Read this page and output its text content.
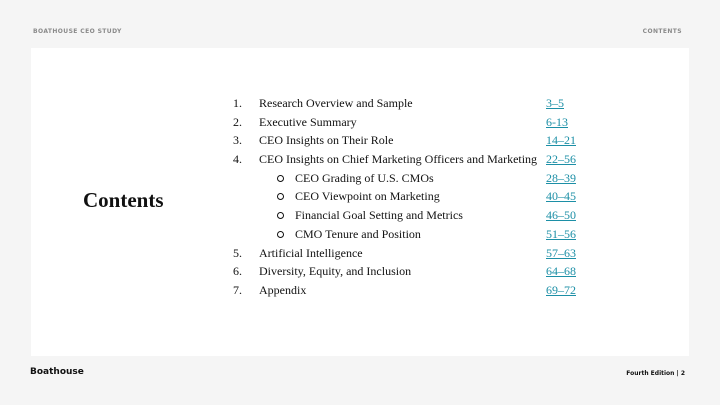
BOATHOUSE CEO STUDY	CONTENTS
Contents
1. Research Overview and Sample	3–5
2. Executive Summary	6-13
3. CEO Insights on Their Role	14–21
4. CEO Insights on Chief Marketing Officers and Marketing 22–56
CEO Grading of U.S. CMOs	28–39
CEO Viewpoint on Marketing	40–45
Financial Goal Setting and Metrics	46–50
CMO Tenure and Position	51–56
5. Artificial Intelligence	57–63
6. Diversity, Equity, and Inclusion	64–68
7. Appendix	69–72
Boathouse	Fourth Edition | 2
